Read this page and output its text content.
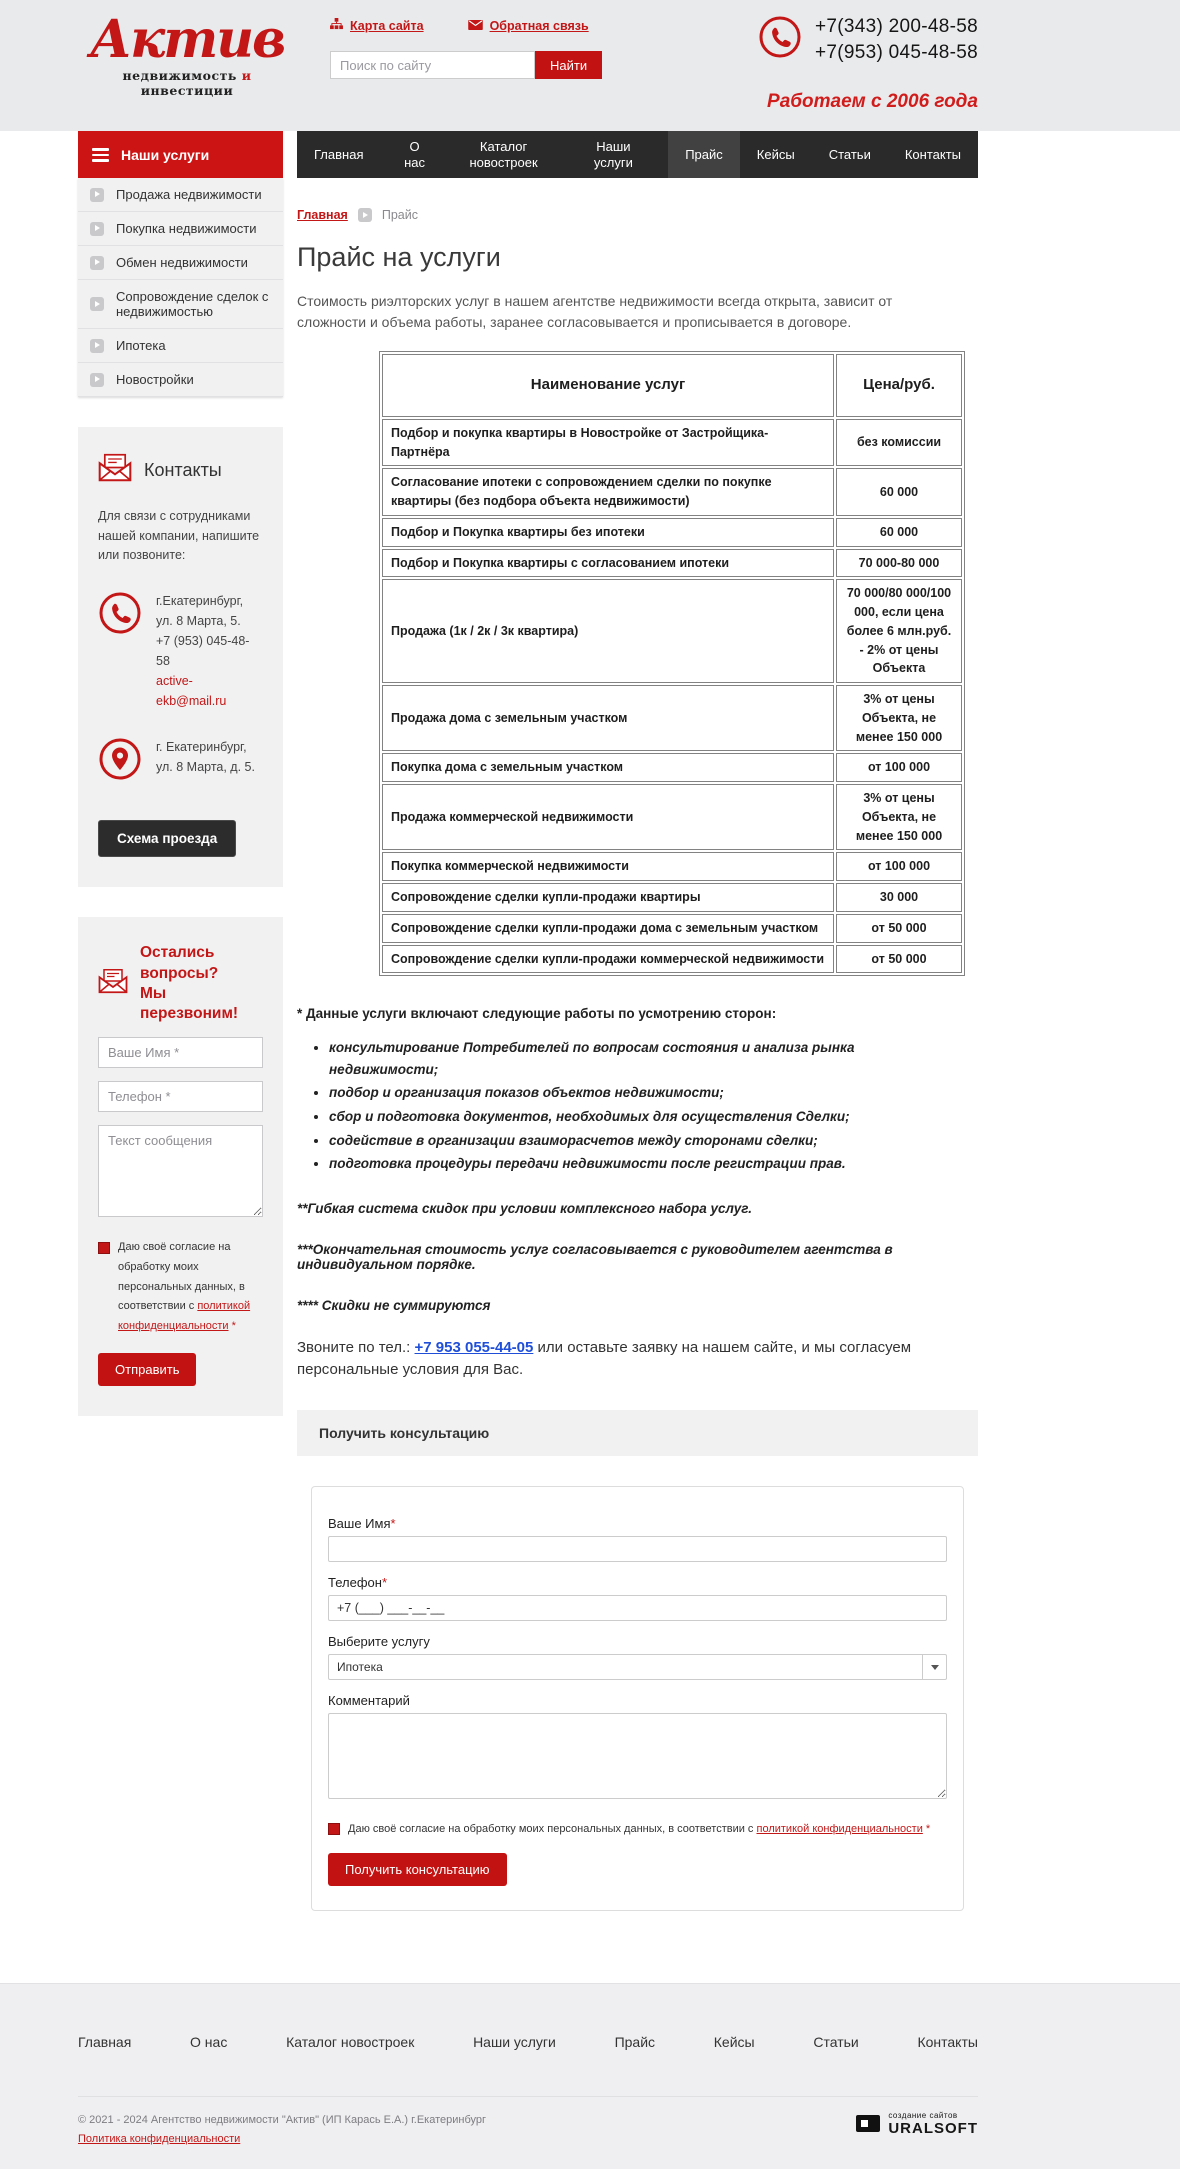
Актив
недвижимость и инвестиции
Карта сайта	Обратная связь
Поиск по сайту
Найти
+7(343) 200-48-58
+7(953) 045-48-58
Работаем с 2006 года
Наши услуги
Продажа недвижимости
Покупка недвижимости
Обмен недвижимости
Сопровождение сделок с недвижимостью
Ипотека
Новостройки
Контакты
Для связи с сотрудниками нашей компании, напишите или позвоните:
г.Екатеринбург, ул. 8 Марта, 5.
+7 (953) 045-48-58
active-ekb@mail.ru
г. Екатеринбург, ул. 8 Марта, д. 5.
Схема проезда
Остались вопросы?
Мы перезвоним!
Ваше Имя * Телефон * Текст сообщения
Даю своё согласие на обработку моих персональных данных, в соответствии с политикой конфиденциальности *
Отправить
Главная
О нас
Каталог новостроек
Наши услуги
Прайс	Кейсы	Статьи	Контакты
Главная	Прайс
Прайс на услуги

Стоимость риэлторских услуг в нашем агентстве недвижимости всегда открыта, зависит от сложности и объема работы, заранее согласовывается и прописывается в договоре.

Наименование услуг	Цена/руб.
Подбор и покупка квартиры в Новостройке от Застройщика-Партнёра	без комиссии
Согласование ипотеки с сопровождением сделки по покупке квартиры (без подбора объекта недвижимости)	60 000
Подбор и Покупка квартиры без ипотеки	60 000
Подбор и Покупка квартиры с согласованием ипотеки	70 000-80 000
Продажа (1к / 2к / 3к квартира)	70 000/80 000/100 000, если цена более 6 млн.руб. - 2% от цены Объекта
Продажа дома с земельным участком	3% от цены Объекта, не менее 150 000
Покупка дома с земельным участком	от 100 000
Продажа коммерческой недвижимости	3% от цены Объекта, не менее 150 000
Покупка коммерческой недвижимости	от 100 000
Сопровождение сделки купли-продажи квартиры	30 000
Сопровождение сделки купли-продажи дома с земельным участком	от 50 000
Сопровождение сделки купли-продажи коммерческой недвижимости	от 50 000
* Данные услуги включают следующие работы по усмотрению сторон:
• консультирование Потребителей по вопросам состояния и анализа рынка недвижимости;
• подбор и организация показов объектов недвижимости;
• сбор и подготовка документов, необходимых для осуществления Сделки;
• содействие в организации взаиморасчетов между сторонами сделки;
• подготовка процедуры передачи недвижимости после регистрации прав.
**Гибкая система скидок при условии комплексного набора услуг.
***Окончательная стоимость услуг согласовывается с руководителем агентства в индивидуальном порядке.
**** Скидки не суммируются

Звоните по тел.: +7 953 055-44-05 или оставьте заявку на нашем сайте, и мы согласуем персональные условия для Вас.

Получить консультацию
Ваше Имя*
Телефон*
+7 (___) ___-__-__
Выберите услугу
Ипотека
Комментарий
Даю своё согласие на обработку моих персональных данных, в соответствии с политикой конфиденциальности *
Получить консультацию
Главная	О нас	Каталог новостроек	Наши услуги	Прайс	Кейсы	Статьи	Контакты
© 2021 - 2024 Агентство недвижимости "Актив" (ИП Карась Е.А.) г.Екатеринбург
Политика конфиденциальности
создание сайтов
URALSOFT
